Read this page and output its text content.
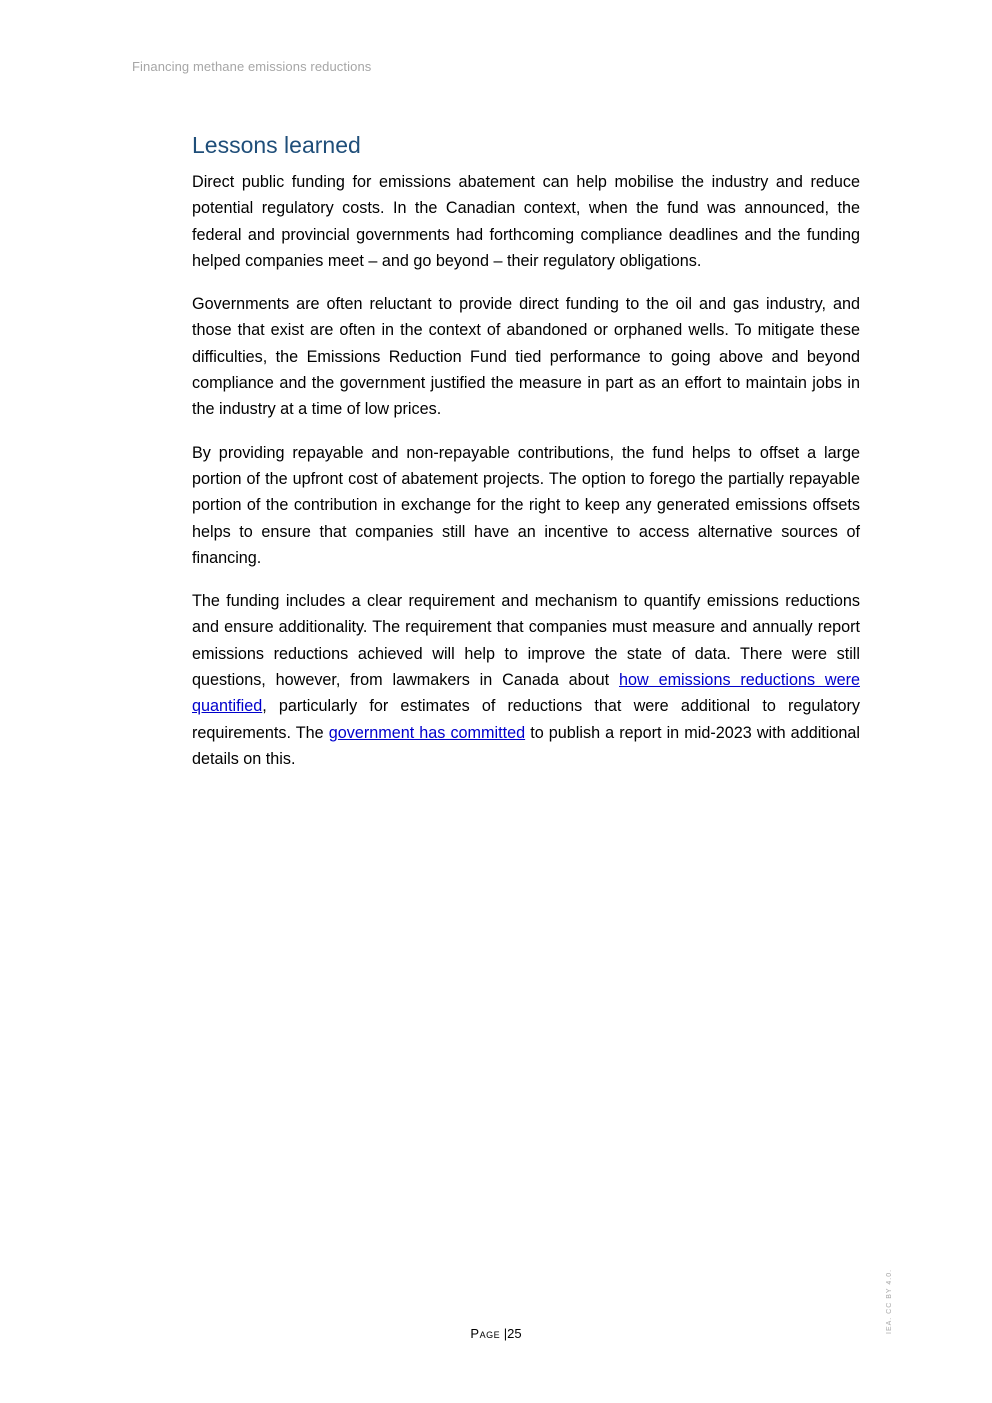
Financing methane emissions reductions
Lessons learned

Direct public funding for emissions abatement can help mobilise the industry and reduce potential regulatory costs. In the Canadian context, when the fund was announced, the federal and provincial governments had forthcoming compliance deadlines and the funding helped companies meet – and go beyond – their regulatory obligations.

Governments are often reluctant to provide direct funding to the oil and gas industry, and those that exist are often in the context of abandoned or orphaned wells. To mitigate these difficulties, the Emissions Reduction Fund tied performance to going above and beyond compliance and the government justified the measure in part as an effort to maintain jobs in the industry at a time of low prices.

By providing repayable and non-repayable contributions, the fund helps to offset a large portion of the upfront cost of abatement projects. The option to forego the partially repayable portion of the contribution in exchange for the right to keep any generated emissions offsets helps to ensure that companies still have an incentive to access alternative sources of financing.

The funding includes a clear requirement and mechanism to quantify emissions reductions and ensure additionality. The requirement that companies must measure and annually report emissions reductions achieved will help to improve the state of data. There were still questions, however, from lawmakers in Canada about how emissions reductions were quantified, particularly for estimates of reductions that were additional to regulatory requirements. The government has committed to publish a report in mid-2023 with additional details on this.

Page |25	IEA. CC BY 4.0.
